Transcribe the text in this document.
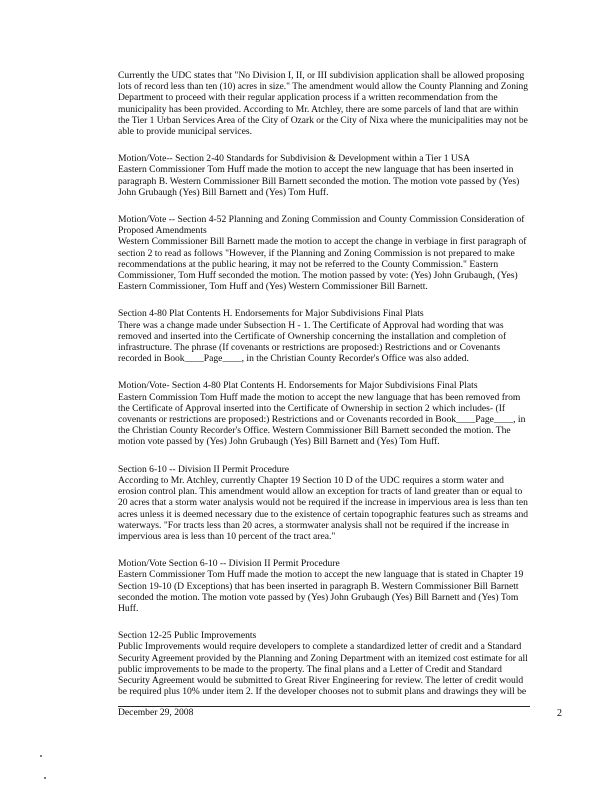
Currently the UDC states that "No Division I, II, or III subdivision application shall be allowed proposing
lots of record less than ten (10) acres in size." The amendment would allow the County Planning and Zoning
Department to proceed with their regular application process if a written recommendation from the
municipality has been provided. According to Mr. Atchley, there are some parcels of land that are within
the Tier 1 Urban Services Area of the City of Ozark or the City of Nixa where the municipalities may not be
able to provide municipal services.
Motion/Vote-- Section 2-40 Standards for Subdivision & Development within a Tier 1 USA
Eastern Commissioner Tom Huff made the motion to accept the new language that has been inserted in
paragraph B. Western Commissioner Bill Barnett seconded the motion. The motion vote passed by (Yes)
John Grubaugh (Yes) Bill Barnett and (Yes) Tom Huff.
Motion/Vote -- Section 4-52 Planning and Zoning Commission and County Commission Consideration of
Proposed Amendments
Western Commissioner Bill Barnett made the motion to accept the change in verbiage in first paragraph of
section 2 to read as follows "However, if the Planning and Zoning Commission is not prepared to make
recommendations at the public hearing, it may not be referred to the County Commission." Eastern
Commissioner, Tom Huff seconded the motion. The motion passed by vote: (Yes) John Grubaugh, (Yes)
Eastern Commissioner, Tom Huff and (Yes) Western Commissioner Bill Barnett.
Section 4-80 Plat Contents H. Endorsements for Major Subdivisions Final Plats
There was a change made under Subsection H - 1. The Certificate of Approval had wording that was
removed and inserted into the Certificate of Ownership concerning the installation and completion of
infrastructure. The phrase (If covenants or restrictions are proposed:) Restrictions and or Covenants
recorded in Book____Page____, in the Christian County Recorder's Office was also added.
Motion/Vote- Section 4-80 Plat Contents H. Endorsements for Major Subdivisions Final Plats
Eastern Commission Tom Huff made the motion to accept the new language that has been removed from
the Certificate of Approval inserted into the Certificate of Ownership in section 2 which includes- (If
covenants or restrictions are proposed:) Restrictions and or Covenants recorded in Book____Page____, in
the Christian County Recorder's Office. Western Commissioner Bill Barnett seconded the motion. The
motion vote passed by (Yes) John Grubaugh (Yes) Bill Barnett and (Yes) Tom Huff.
Section 6-10 -- Division II Permit Procedure
According to Mr. Atchley, currently Chapter 19 Section 10 D of the UDC requires a storm water and
erosion control plan. This amendment would allow an exception for tracts of land greater than or equal to
20 acres that a storm water analysis would not be required if the increase in impervious area is less than ten
acres unless it is deemed necessary due to the existence of certain topographic features such as streams and
waterways. "For tracts less than 20 acres, a stormwater analysis shall not be required if the increase in
impervious area is less than 10 percent of the tract area."
Motion/Vote Section 6-10 -- Division II Permit Procedure
Eastern Commissioner Tom Huff made the motion to accept the new language that is stated in Chapter 19
Section 19-10 (D Exceptions) that has been inserted in paragraph B. Western Commissioner Bill Barnett
seconded the motion. The motion vote passed by (Yes) John Grubaugh (Yes) Bill Barnett and (Yes) Tom
Huff.
Section 12-25 Public Improvements
Public Improvements would require developers to complete a standardized letter of credit and a Standard
Security Agreement provided by the Planning and Zoning Department with an itemized cost estimate for all
public improvements to be made to the property. The final plans and a Letter of Credit and Standard
Security Agreement would be submitted to Great River Engineering for review. The letter of credit would
be required plus 10% under item 2. If the developer chooses not to submit plans and drawings they will be
December 29, 2008	2
